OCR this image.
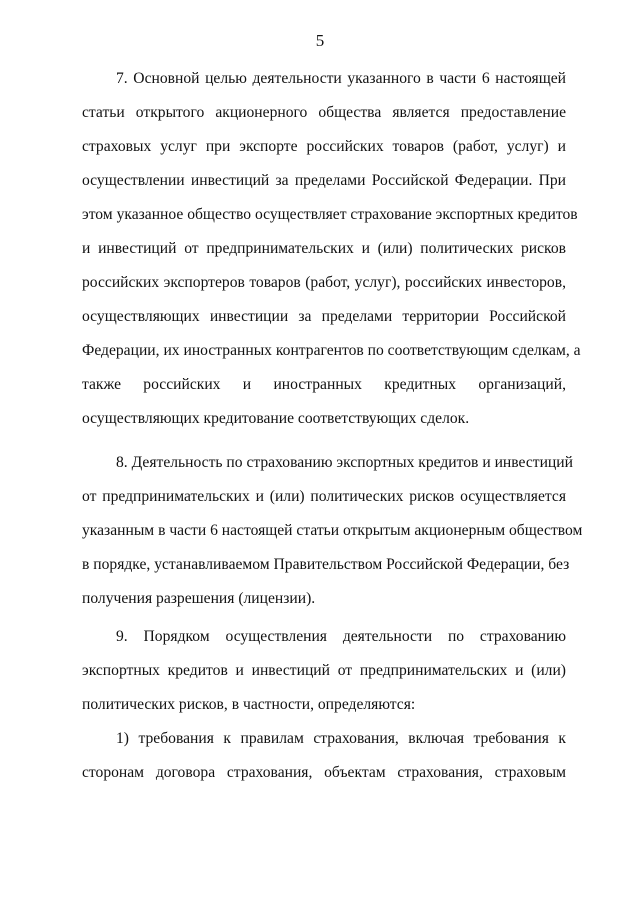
5
7. Основной целью деятельности указанного в части 6 настоящей
статьи открытого акционерного общества является предоставление
страховых услуг при экспорте российских товаров (работ, услуг) и
осуществлении инвестиций за пределами Российской Федерации. При
этом указанное общество осуществляет страхование экспортных кредитов
и инвестиций от предпринимательских и (или) политических рисков
российских экспортеров товаров (работ, услуг), российских инвесторов,
осуществляющих инвестиции за пределами территории Российской
Федерации, их иностранных контрагентов по соответствующим сделкам, а
также российских и иностранных кредитных организаций,
осуществляющих кредитование соответствующих сделок.
8. Деятельность по страхованию экспортных кредитов и инвестиций
от предпринимательских и (или) политических рисков осуществляется
указанным в части 6 настоящей статьи открытым акционерным обществом
в порядке, устанавливаемом Правительством Российской Федерации, без
получения разрешения (лицензии).
9. Порядком осуществления деятельности по страхованию
экспортных кредитов и инвестиций от предпринимательских и (или)
политических рисков, в частности, определяются:
1) требования к правилам страхования, включая требования к
сторонам договора страхования, объектам страхования, страховым
